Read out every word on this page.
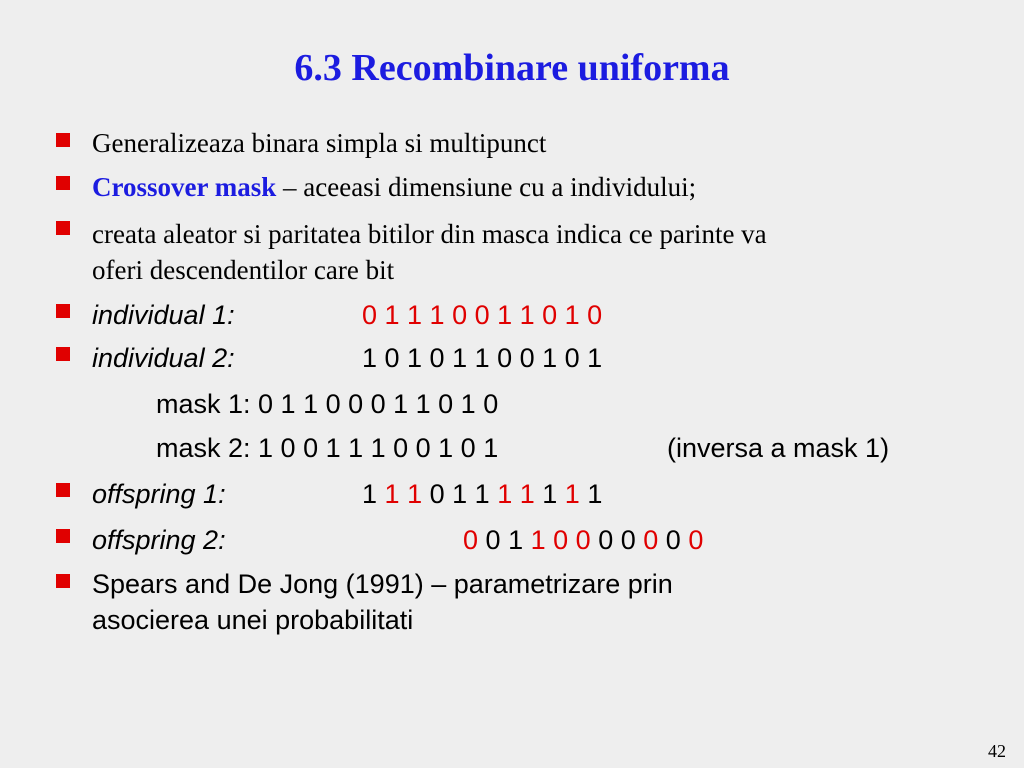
6.3 Recombinare uniforma
Generalizeaza binara simpla si multipunct
Crossover mask – aceeasi dimensiune cu a individului;
creata aleator si paritatea bitilor din masca indica ce parinte va
oferi descendentilor care bit
individual 1:	0 1 1 1 0 0 1 1 0 1 0
individual 2:	1 0 1 0 1 1 0 0 1 0 1
mask 1: 0 1 1 0 0 0 1 1 0 1 0
mask 2: 1 0 0 1 1 1 0 0 1 0 1	(inversa a mask 1)
offspring 1:	1 1 1 0 1 1 1 1 1 1 1
offspring 2:	0 0 1 1 0 0 0 0 0 0 0
Spears and De Jong (1991) – parametrizare prin
asocierea unei probabilitati
42
